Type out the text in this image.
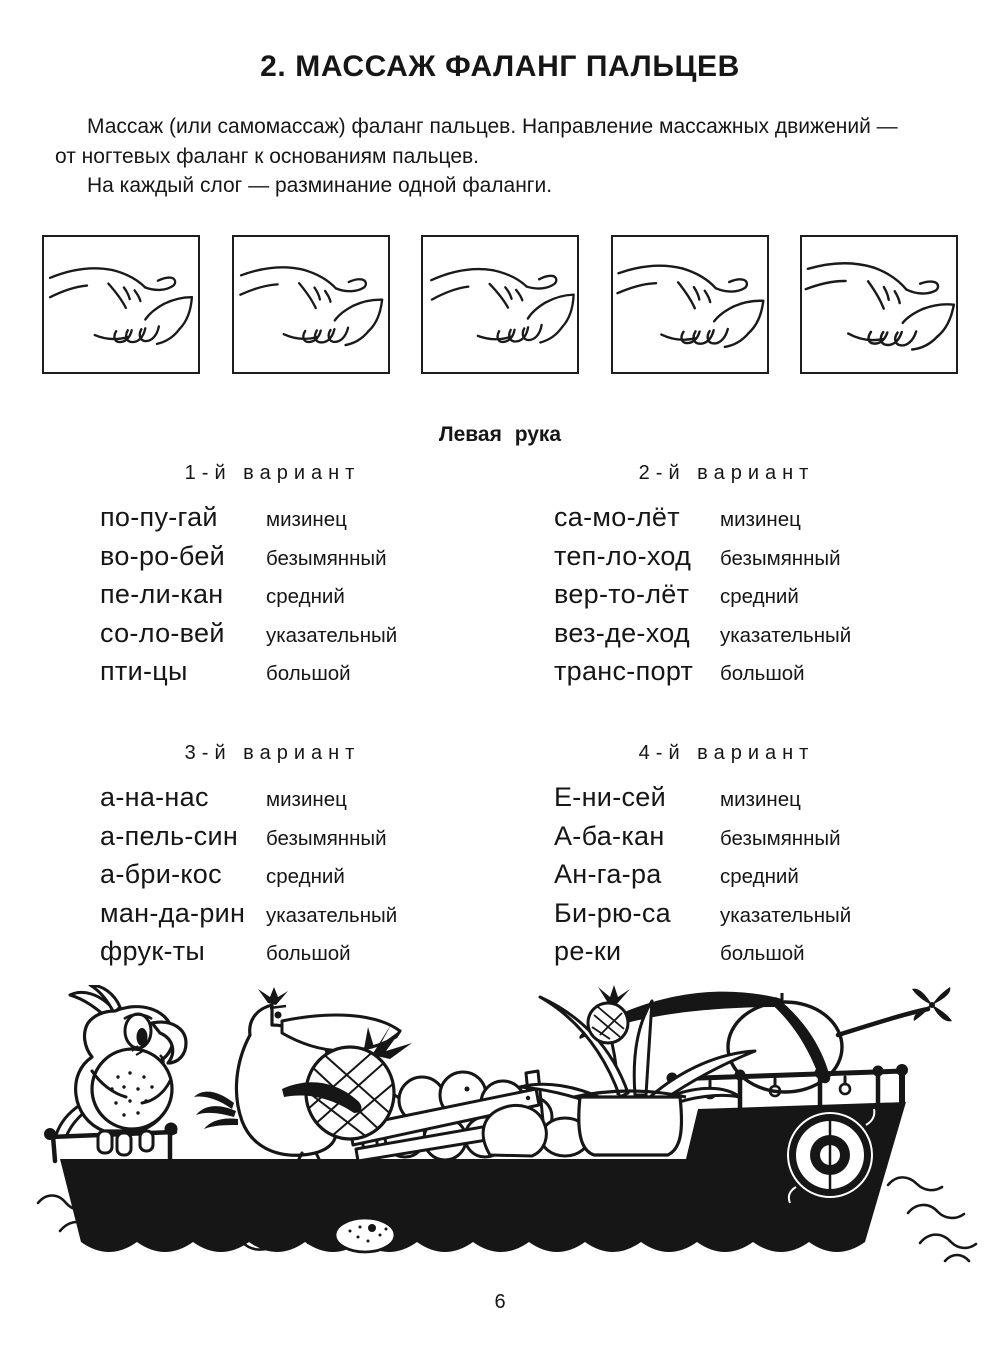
2. МАССАЖ ФАЛАНГ ПАЛЬЦЕВ

Массаж (или самомассаж) фаланг пальцев. Направление массажных движений — от ногтевых фаланг к основаниям пальцев.

На каждый слог — разминание одной фаланги.

Левая рука

1-й вариант

по-пу-гай	мизинец
во-ро-бей	безымянный
пе-ли-кан	средний
со-ло-вей	указательный
пти-цы	большой

2-й вариант

са-мо-лёт	мизинец
теп-ло-ход	безымянный
вер-то-лёт	средний
вез-де-ход	указательный
транс-порт	большой

3-й вариант

а-на-нас	мизинец
а-пель-син	безымянный
а-бри-кос	средний
ман-да-рин	указательный
фрук-ты	большой

4-й вариант

Е-ни-сей	мизинец
А-ба-кан	безымянный
Ан-га-ра	средний
Би-рю-са	указательный
ре-ки	большой
6
